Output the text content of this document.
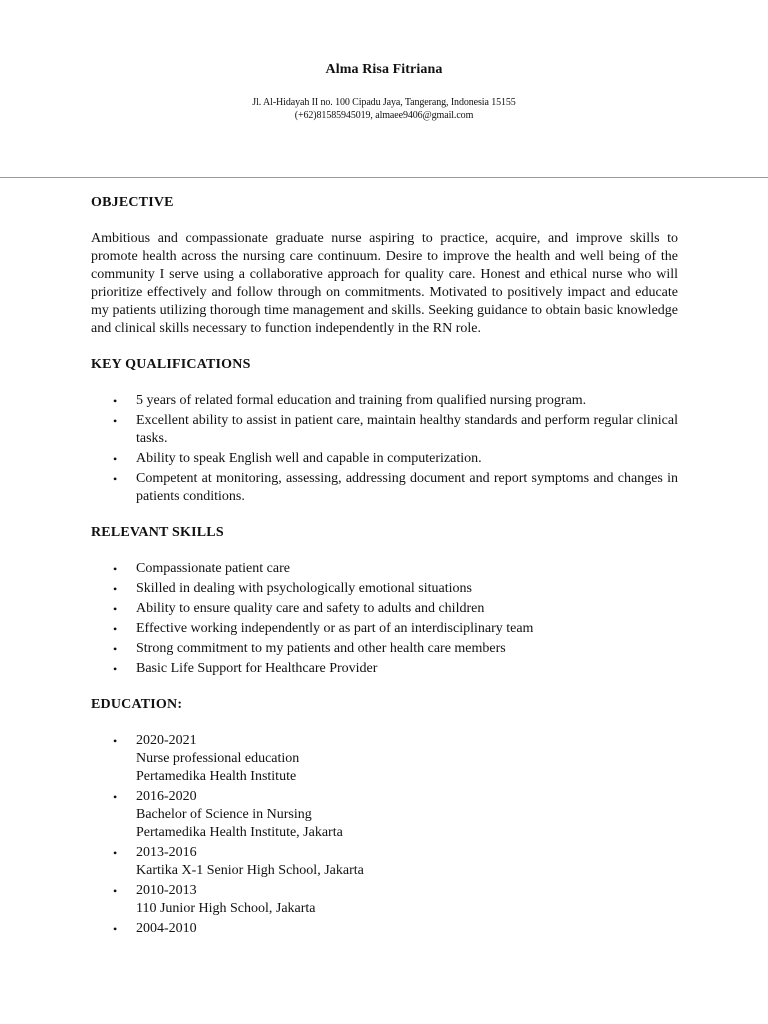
Alma Risa Fitriana
Jl. Al-Hidayah II no. 100 Cipadu Jaya, Tangerang, Indonesia 15155
(+62)81585945019, almaee9406@gmail.com
OBJECTIVE
Ambitious and compassionate graduate nurse aspiring to practice, acquire, and improve skills to promote health across the nursing care continuum. Desire to improve the health and well being of the community I serve using a collaborative approach for quality care. Honest and ethical nurse who will prioritize effectively and follow through on commitments. Motivated to positively impact and educate my patients utilizing thorough time management and skills. Seeking guidance to obtain basic knowledge and clinical skills necessary to function independently in the RN role.
KEY QUALIFICATIONS
• 5 years of related formal education and training from qualified nursing program.
• Excellent ability to assist in patient care, maintain healthy standards and perform regular clinical tasks.
• Ability to speak English well and capable in computerization.
• Competent at monitoring, assessing, addressing document and report symptoms and changes in patients conditions.
RELEVANT SKILLS
• Compassionate patient care
• Skilled in dealing with psychologically emotional situations
• Ability to ensure quality care and safety to adults and children
• Effective working independently or as part of an interdisciplinary team
• Strong commitment to my patients and other health care members
• Basic Life Support for Healthcare Provider
EDUCATION:
• 2020-2021
Nurse professional education
Pertamedika Health Institute
• 2016-2020
Bachelor of Science in Nursing
Pertamedika Health Institute, Jakarta
• 2013-2016
Kartika X-1 Senior High School, Jakarta
• 2010-2013
110 Junior High School, Jakarta
• 2004-2010
